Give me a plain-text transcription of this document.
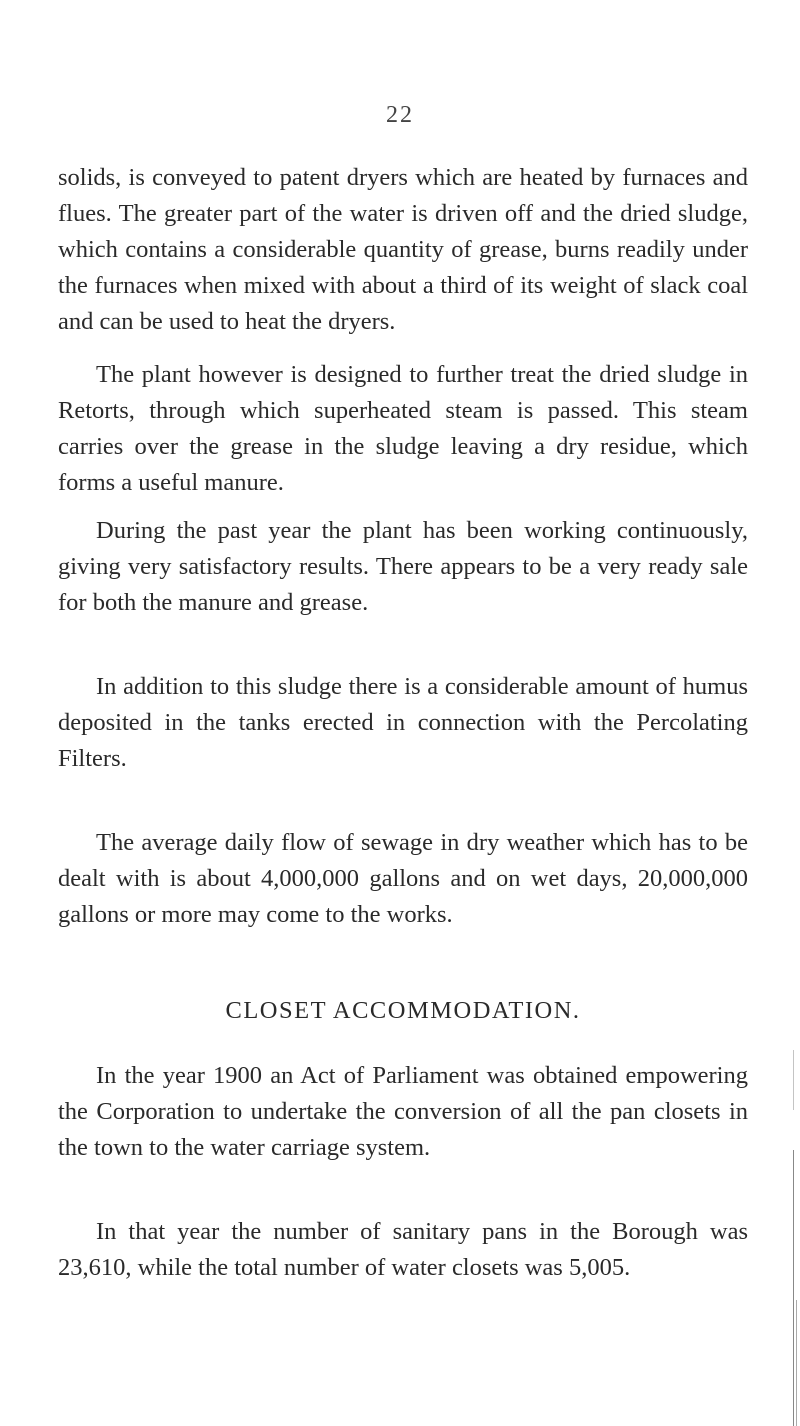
22

solids, is conveyed to patent dryers which are heated by furnaces and flues. The greater part of the water is driven off and the dried sludge, which contains a considerable quantity of grease, burns readily under the furnaces when mixed with about a third of its weight of slack coal and can be used to heat the dryers.

The plant however is designed to further treat the dried sludge in Retorts, through which superheated steam is passed. This steam carries over the grease in the sludge leaving a dry residue, which forms a useful manure.

During the past year the plant has been working continuously, giving very satisfactory results. There appears to be a very ready sale for both the manure and grease.

In addition to this sludge there is a considerable amount of humus deposited in the tanks erected in connection with the Percolating Filters.

The average daily flow of sewage in dry weather which has to be dealt with is about 4,000,000 gallons and on wet days, 20,000,000 gallons or more may come to the works.

CLOSET ACCOMMODATION.

In the year 1900 an Act of Parliament was obtained empowering the Corporation to undertake the conversion of all the pan closets in the town to the water carriage system.

In that year the number of sanitary pans in the Borough was 23,610, while the total number of water closets was 5,005.
